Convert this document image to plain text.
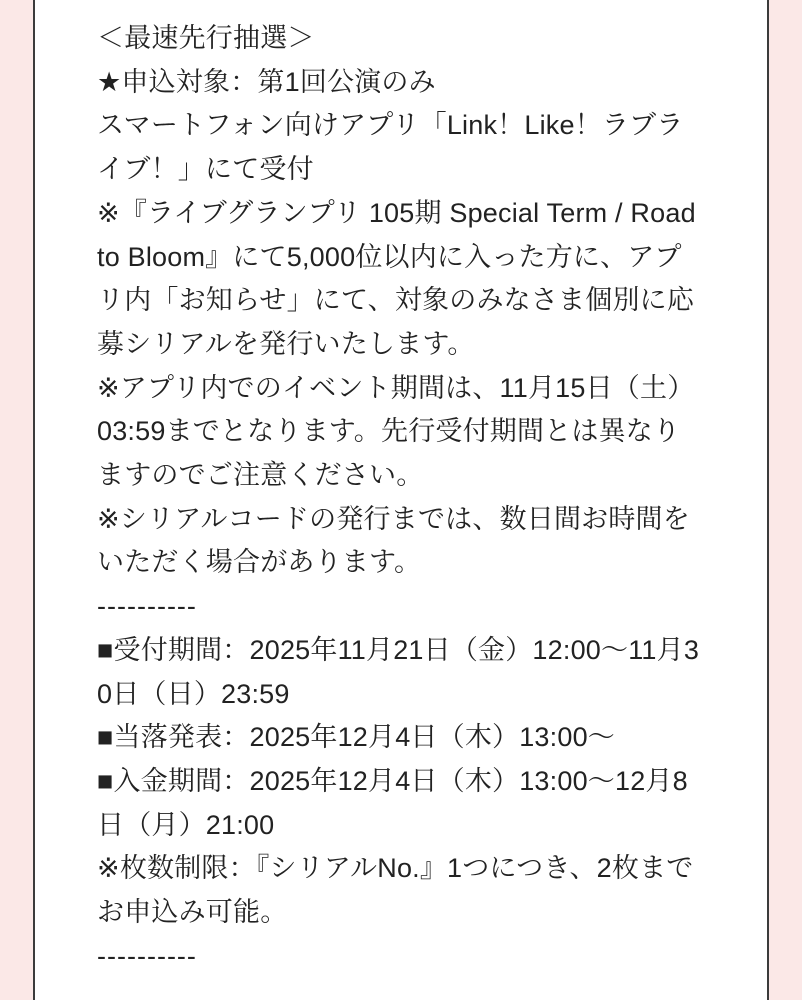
＜最速先行抽選＞

★申込対象：第1回公演のみ

スマートフォン向けアプリ「Link！Like！ラブライブ！」にて受付

※『ライブグランプリ 105期 Special Term / Road to Bloom』にて5,000位以内に入った方に、アプリ内「お知らせ」にて、対象のみなさま個別に応募シリアルを発行いたします。

※アプリ内でのイベント期間は、11月15日（土）03:59までとなります。先行受付期間とは異なりますのでご注意ください。

※シリアルコードの発行までは、数日間お時間をいただく場合があります。

----------

■受付期間：2025年11月21日（金）12:00〜11月30日（日）23:59

■当落発表：2025年12月4日（木）13:00〜

■入金期間：2025年12月4日（木）13:00〜12月8日（月）21:00

※枚数制限：『シリアルNo.』1つにつき、2枚までお申込み可能。

----------
